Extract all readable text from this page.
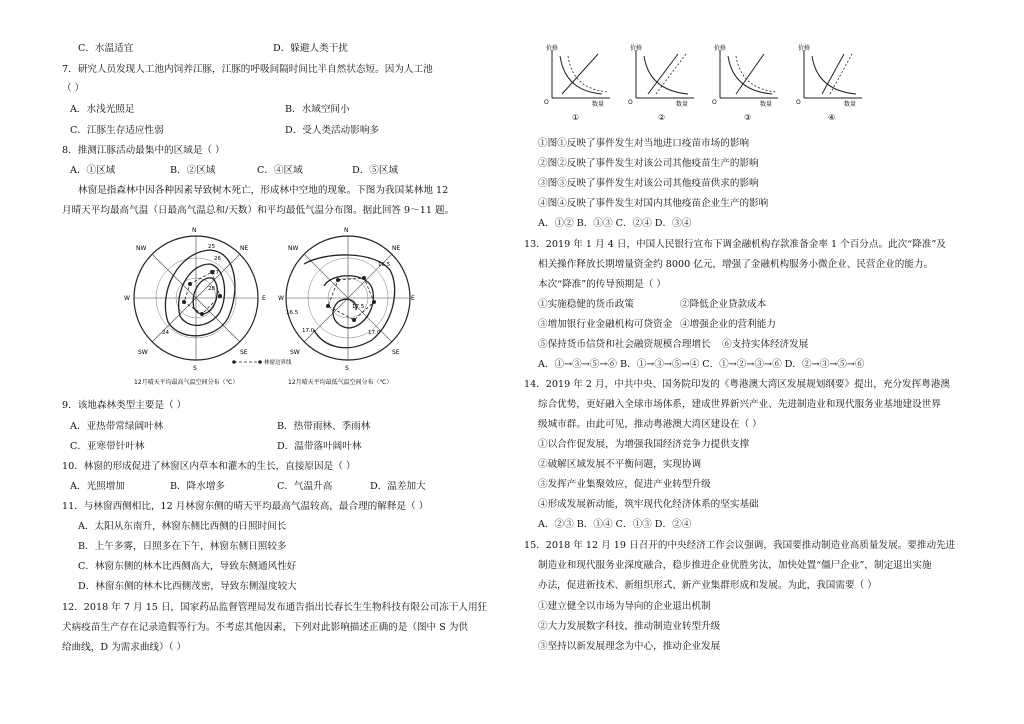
C．水温适宜	D．躲避人类干扰
7．研究人员发现人工池内饲养江豚，江豚的呼吸间隔时间比半自然状态短。因为人工池
（ ）
A．水浅光照足	B．水域空间小
C．江豚生存适应性弱	D．受人类活动影响多
8．推测江豚活动最集中的区域是（ ）
A．①区域	B．②区域	C．④区域	D．⑤区域
林窗是指森林中因各种因素导致树木死亡，形成林中空地的现象。下图为我国某林地 12
月晴天平均最高气温（日最高气温总和/天数）和平均最低气温分布图。据此回答 9～11 题。
N
NE
E
SE
S
SW
W
NW	25
26
27
28
24
N
NE
E
SE
S
SW
W
NW
16.5
16.5
17.0	17.0
17.5
林窗边界线
12月晴天平均最高气温空间分布（℃）	12月晴天平均最低气温空间分布（℃）
9．该地森林类型主要是（ ）
A．亚热带常绿阔叶林	B．热带雨林、季雨林
C．亚寒带针叶林	D．温带落叶阔叶林
10．林窗的形成促进了林窗区内草本和灌木的生长，直接原因是（ ）
A．光照增加	B．降水增多	C．气温升高	D．温差加大
11．与林窗西侧相比，12 月林窗东侧的晴天平均最高气温较高，最合理的解释是（ ）
A．太阳从东南升，林窗东侧比西侧的日照时间长
B．上午多雾，日照多在下午，林窗东侧日照较多
C．林窗东侧的林木比西侧高大，导致东侧通风性好
D．林窗东侧的林木比西侧茂密，导致东侧湿度较大
12．2018 年 7 月 15 日，国家药品监督管理局发布通告指出长春长生生物科技有限公司冻干人用狂
犬病疫苗生产存在记录造假等行为。不考虑其他因素，下列对此影响描述正确的是（图中 S 为供
给曲线，D 为需求曲线）（ ）
价格
数量
O
①
价格
数量
O
②
价格
数量
O
③
价格
数量
O
④
①图①反映了事件发生对当地进口疫苗市场的影响
②图②反映了事件发生对该公司其他疫苗生产的影响
③图③反映了事件发生对该公司其他疫苗供求的影响
④图④反映了事件发生对国内其他疫苗企业生产的影响
A．①② B．①③ C．②④ D．③④
13．2019 年 1 月 4 日，中国人民银行宣布下调金融机构存款准备金率 1 个百分点。此次“降准”及
相关操作释放长期增量资金约 8000 亿元，增强了金融机构服务小微企业、民营企业的能力。
本次“降准”的传导预期是（ ）
①实施稳健的货币政策	②降低企业贷款成本
③增加银行业金融机构可贷资金 ④增强企业的营利能力
⑤保持货币信贷和社会融资规模合理增长 ⑥支持实体经济发展
A．①→③→⑤→⑥ B．①→③→⑤→④ C．①→②→③→⑥ D．②→③→⑤→⑥
14．2019 年 2 月，中共中央、国务院印发的《粤港澳大湾区发展规划纲要》提出，充分发挥粤港澳
综合优势，更好融入全球市场体系，建成世界新兴产业、先进制造业和现代服务业基地建设世界
级城市群。由此可见，推动粤港澳大湾区建设在（ ）
①以合作促发展，为增强我国经济竞争力提供支撑
②破解区域发展不平衡问题，实现协调
③发挥产业集聚效应，促进产业转型升级
④形成发展新动能，筑牢现代化经济体系的坚实基础
A．②③ B．①④ C．①③ D．②④
15．2018 年 12 月 19 日召开的中央经济工作会议强调，我国要推动制造业高质量发展。要推动先进
制造业和现代服务业深度融合，稳步推进企业优胜劣汰，加快处置“僵尸企业”，制定退出实施
办法，促进新技术、新组织形式、新产业集群形成和发展。为此，我国需要（ ）
①建立健全以市场为导向的企业退出机制
②大力发展数字科技，推动制造业转型升级
③坚持以新发展理念为中心，推动企业发展
